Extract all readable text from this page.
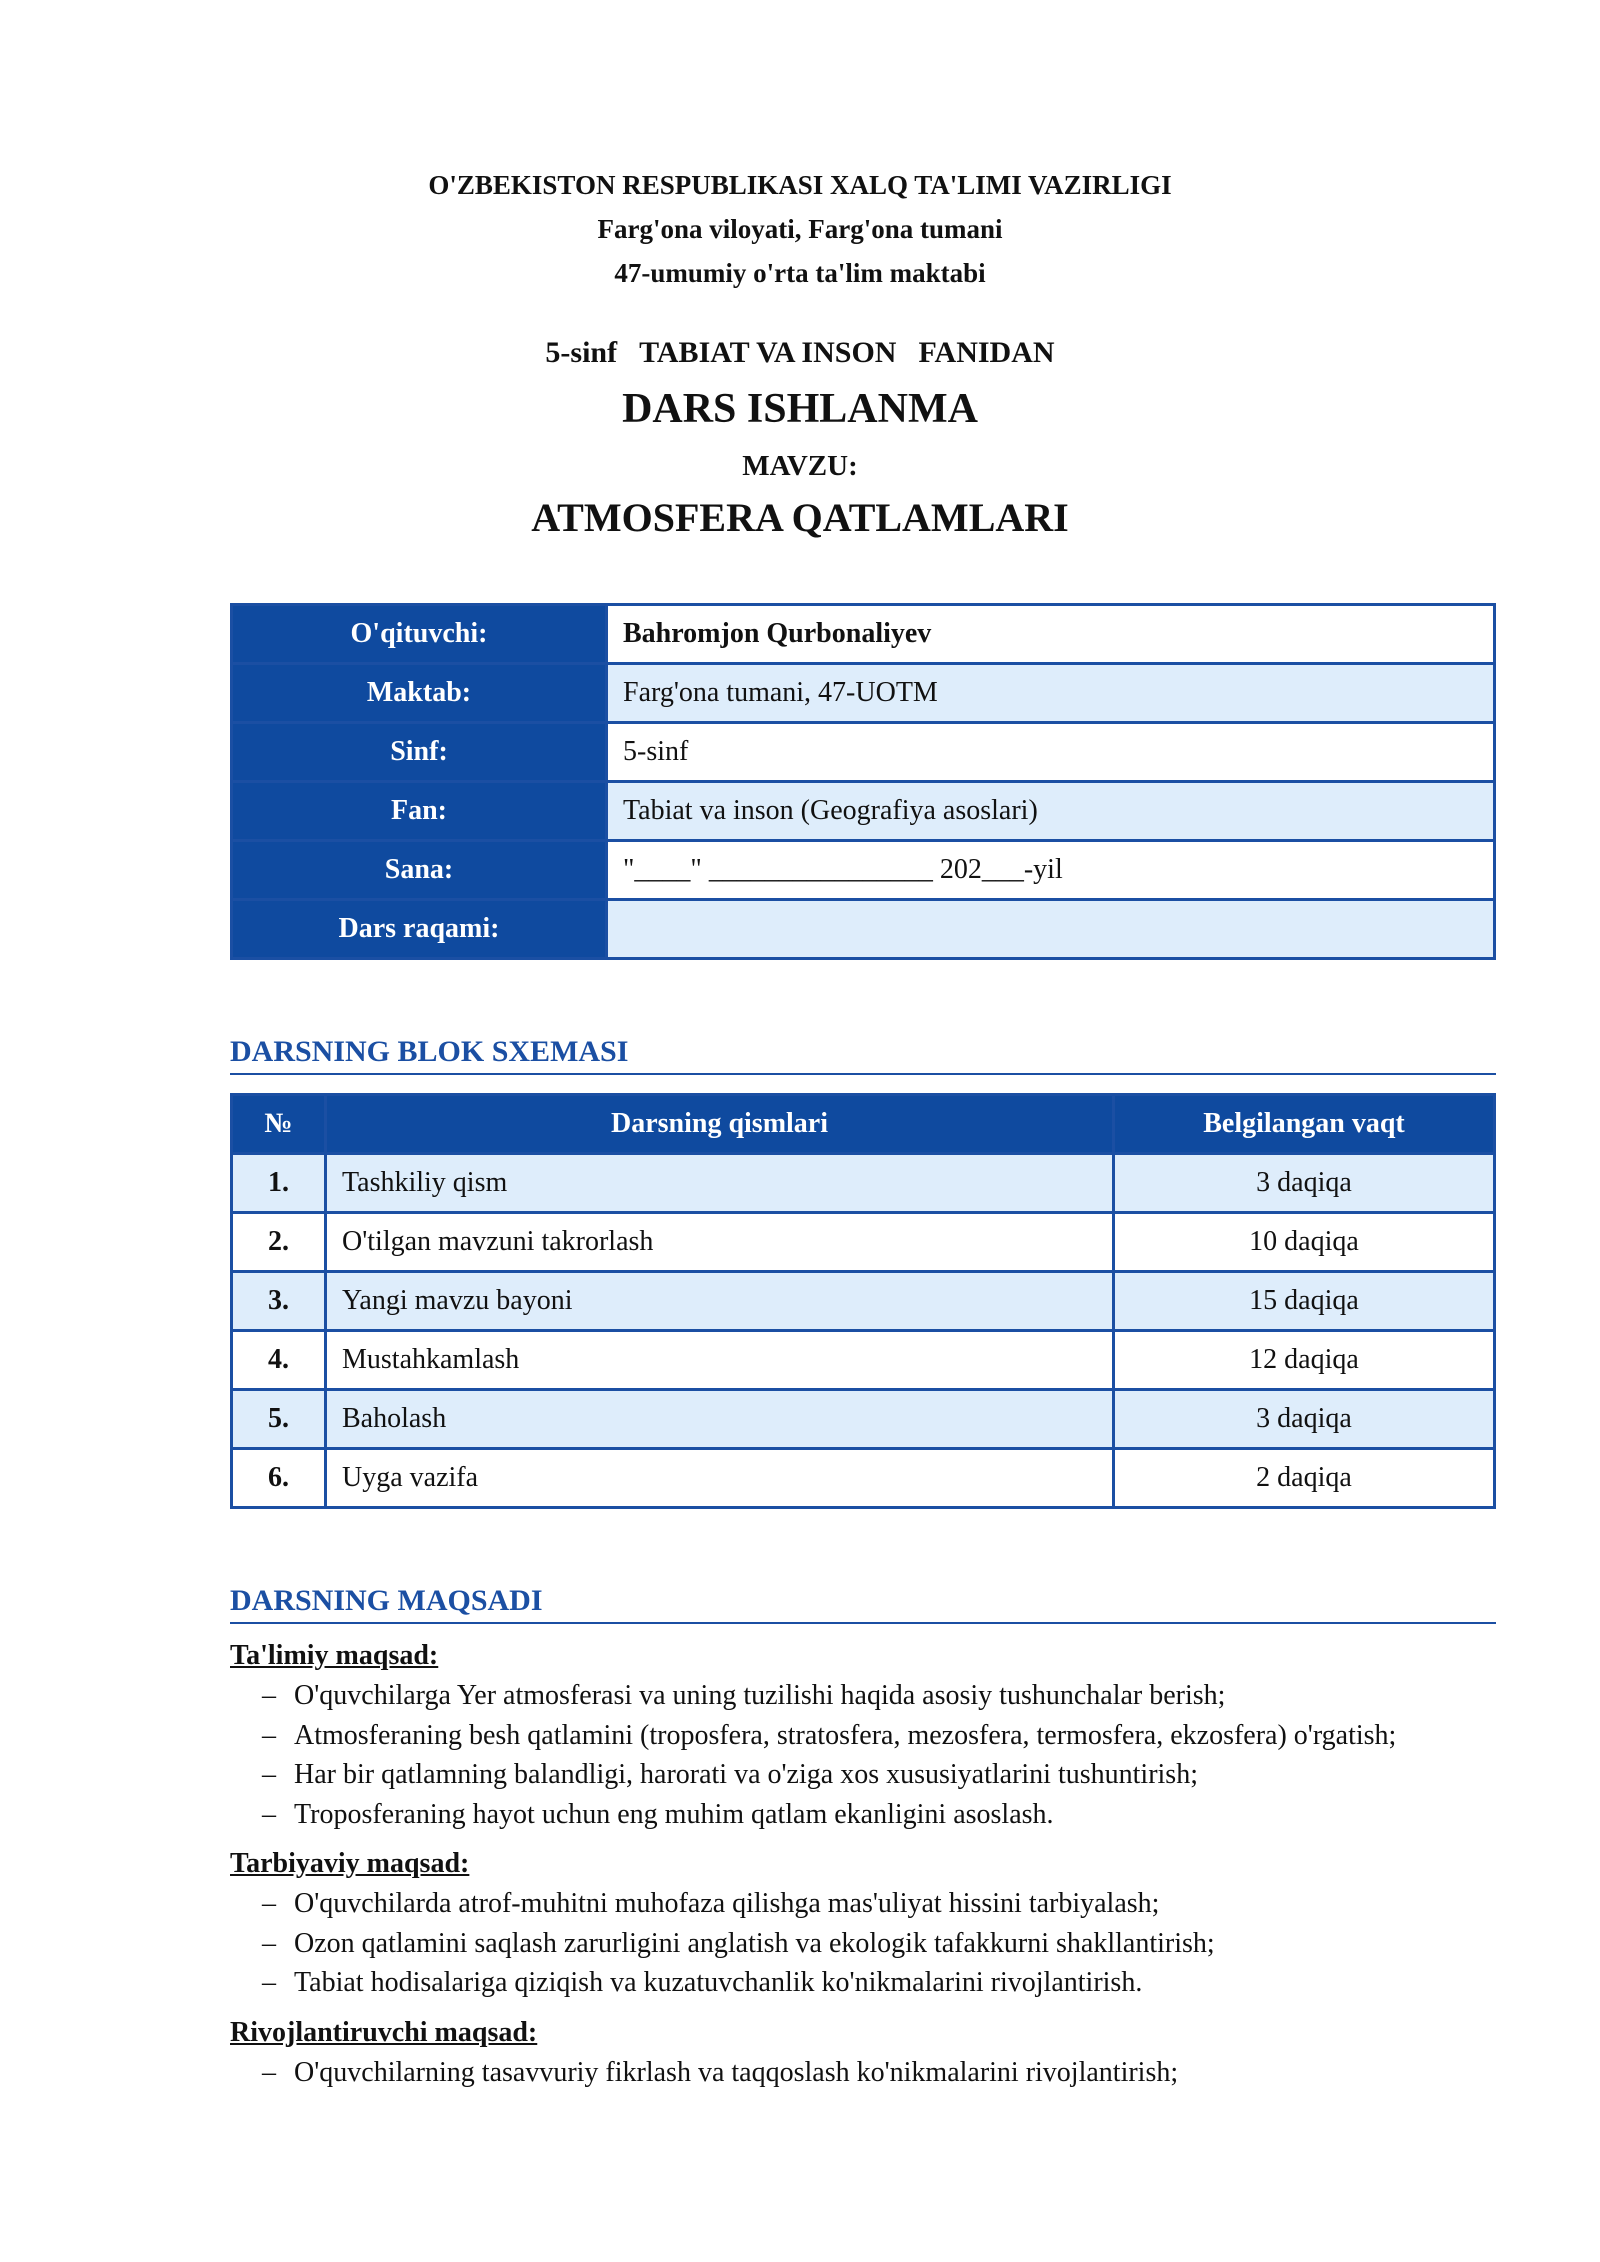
O'ZBEKISTON RESPUBLIKASI XALQ TA'LIMI VAZIRLIGI
Farg'ona viloyati, Farg'ona tumani
47-umumiy o'rta ta'lim maktabi
5-sinf TABIAT VA INSON FANIDAN
DARS ISHLANMA
MAVZU:
ATMOSFERA QATLAMLARI
O'qituvchi:	Bahromjon Qurbonaliyev
Maktab:	Farg'ona tumani, 47-UOTM
Sinf:	5-sinf
Fan:	Tabiat va inson (Geografiya asoslari)
Sana:	"____" ________________ 202___-yil
Dars raqami:	
DARSNING BLOK SXEMASI
№	Darsning qismlari	Belgilangan vaqt
1.	Tashkiliy qism	3 daqiqa
2.	O'tilgan mavzuni takrorlash	10 daqiqa
3.	Yangi mavzu bayoni	15 daqiqa
4.	Mustahkamlash	12 daqiqa
5.	Baholash	3 daqiqa
6.	Uyga vazifa	2 daqiqa
DARSNING MAQSADI
Ta'limiy maqsad:
– O'quvchilarga Yer atmosferasi va uning tuzilishi haqida asosiy tushunchalar berish;
– Atmosferaning besh qatlamini (troposfera, stratosfera, mezosfera, termosfera, ekzosfera) o'rgatish;
– Har bir qatlamning balandligi, harorati va o'ziga xos xususiyatlarini tushuntirish;
– Troposferaning hayot uchun eng muhim qatlam ekanligini asoslash.
Tarbiyaviy maqsad:
– O'quvchilarda atrof-muhitni muhofaza qilishga mas'uliyat hissini tarbiyalash;
– Ozon qatlamini saqlash zarurligini anglatish va ekologik tafakkurni shakllantirish;
– Tabiat hodisalariga qiziqish va kuzatuvchanlik ko'nikmalarini rivojlantirish.
Rivojlantiruvchi maqsad:
– O'quvchilarning tasavvuriy fikrlash va taqqoslash ko'nikmalarini rivojlantirish;
